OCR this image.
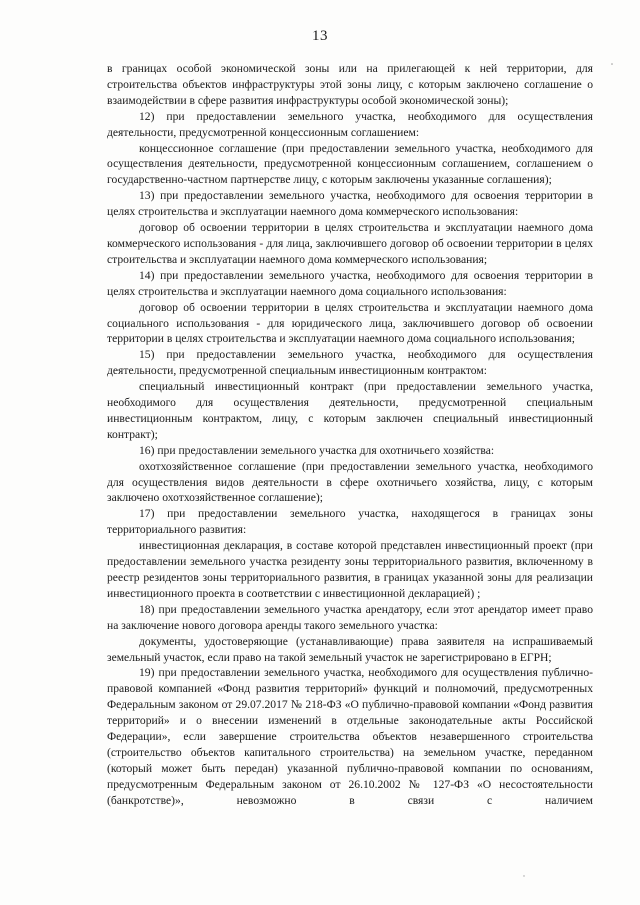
13

в границах особой экономической зоны или на прилегающей к ней территории, для строительства объектов инфраструктуры этой зоны лицу, с которым заключено соглашение о взаимодействии в сфере развития инфраструктуры особой экономической зоны);

12) при предоставлении земельного участка, необходимого для осуществления деятельности, предусмотренной концессионным соглашением:

концессионное соглашение (при предоставлении земельного участка, необходимого для осуществления деятельности, предусмотренной концессионным соглашением, соглашением о государственно-частном партнерстве лицу, с которым заключены указанные соглашения);

13) при предоставлении земельного участка, необходимого для освоения территории в целях строительства и эксплуатации наемного дома коммерческого использования:

договор об освоении территории в целях строительства и эксплуатации наемного дома коммерческого использования - для лица, заключившего договор об освоении территории в целях строительства и эксплуатации наемного дома коммерческого использования;

14) при предоставлении земельного участка, необходимого для освоения территории в целях строительства и эксплуатации наемного дома социального использования:

договор об освоении территории в целях строительства и эксплуатации наемного дома социального использования - для юридического лица, заключившего договор об освоении территории в целях строительства и эксплуатации наемного дома социального использования;

15) при предоставлении земельного участка, необходимого для осуществления деятельности, предусмотренной специальным инвестиционным контрактом:

специальный инвестиционный контракт (при предоставлении земельного участка, необходимого для осуществления деятельности, предусмотренной специальным инвестиционным контрактом, лицу, с которым заключен специальный инвестиционный контракт);

16) при предоставлении земельного участка для охотничьего хозяйства:

охотхозяйственное соглашение (при предоставлении земельного участка, необходимого для осуществления видов деятельности в сфере охотничьего хозяйства, лицу, с которым заключено охотхозяйственное соглашение);

17) при предоставлении земельного участка, находящегося в границах зоны территориального развития:

инвестиционная декларация, в составе которой представлен инвестиционный проект (при предоставлении земельного участка резиденту зоны территориального развития, включенному в реестр резидентов зоны территориального развития, в границах указанной зоны для реализации инвестиционного проекта в соответствии с инвестиционной декларацией) ;

18) при предоставлении земельного участка арендатору, если этот арендатор имеет право на заключение нового договора аренды такого земельного участка:

документы, удостоверяющие (устанавливающие) права заявителя на испрашиваемый земельный участок, если право на такой земельный участок не зарегистрировано в ЕГРН;

19) при предоставлении земельного участка, необходимого для осуществления публично-правовой компанией «Фонд развития территорий» функций и полномочий, предусмотренных Федеральным законом от 29.07.2017 № 218-ФЗ «О публично-правовой компании «Фонд развития территорий» и о внесении изменений в отдельные законодательные акты Российской Федерации», если завершение строительства объектов незавершенного строительства (строительство объектов капитального строительства) на земельном участке, переданном (который может быть передан) указанной публично-правовой компании по основаниям, предусмотренным Федеральным законом от 26.10.2002 № 127-ФЗ «О несостоятельности (банкротстве)», невозможно в связи с наличием
